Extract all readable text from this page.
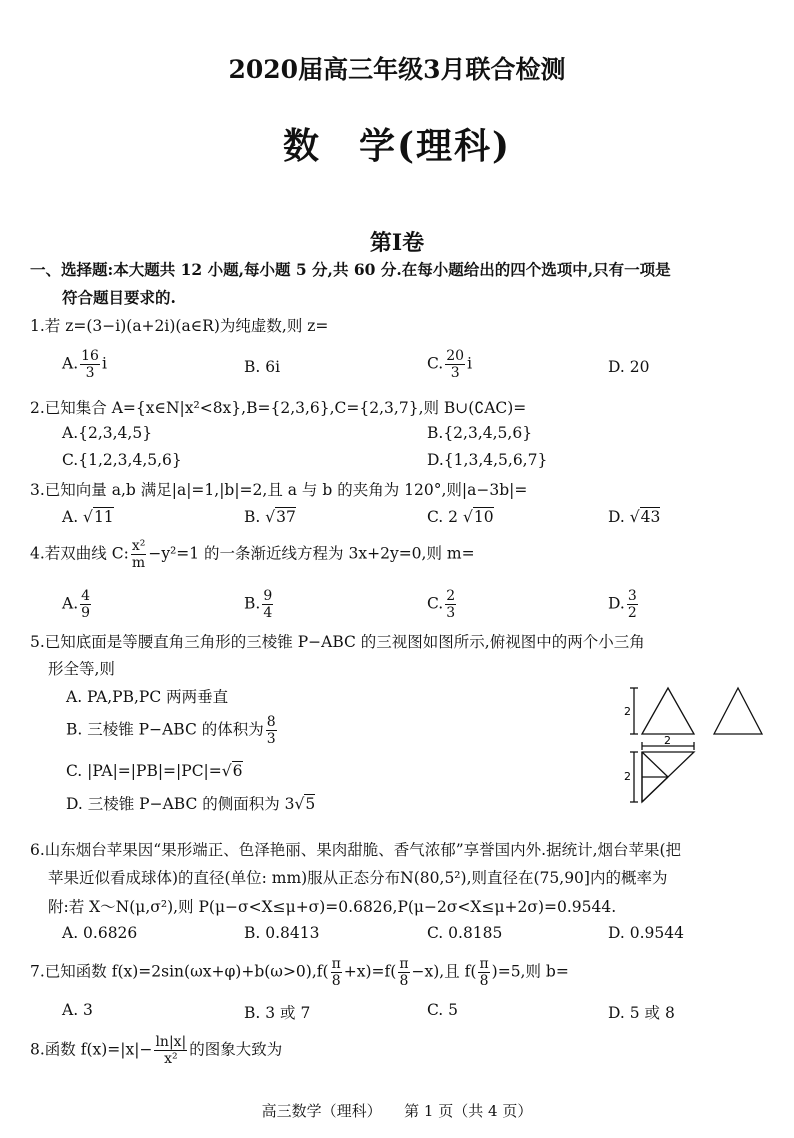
2020届高三年级3月联合检测
数　学(理科)
第Ⅰ卷
一、选择题:本大题共 12 小题,每小题 5 分,共 60 分.在每小题给出的四个选项中,只有一项是
符合题目要求的.
1.若 z=(3−i)(a+2i)(a∈R)为纯虚数,则 z=
A. $\frac{16}{3}$ i	B. 6i	C. $\frac{20}{3}$ i	D. 20
2.已知集合 A={x∈N|x²<8x},B={2,3,6},C={2,3,7},则 B∪(∁AC)=
A.{2,3,4,5}	B.{2,3,4,5,6}
C.{1,2,3,4,5,6}	D.{1,3,4,5,6,7}
3.已知向量 a,b 满足|a|=1,|b|=2,且 a 与 b 的夹角为 120°,则|a−3b|=
A. √11	B. √37	C. 2 √10	D. √43
4.若双曲线 C: $\frac{\text{x²}}{m} -y^2=1$ 的一条渐近线方程为 3x+2y=0,则 m=
A. $\frac{4}{9}$	B. $\frac{9}{4}$	C. $\frac{2}{3}$	D. $\frac{3}{2}$
5.已知底面是等腰直角三角形的三棱锥 P−ABC 的三视图如图所示,俯视图中的两个小三角
形全等,则
A. PA,PB,PC 两两垂直
B. 三棱锥 P−ABC 的体积为 $\frac{8}{3}$
C. |PA|=|PB|=|PC|=√6
D. 三棱锥 P−ABC 的侧面积为 3√5
2
2
2
6.山东烟台苹果因“果形端正、色泽艳丽、果肉甜脆、香气浓郁”享誉国内外.据统计,烟台苹果(把
苹果近似看成球体)的直径(单位: mm)服从正态分布N(80,5²),则直径在(75,90]内的概率为
附:若 X～N(μ,σ²),则 P(μ−σ<X≤μ+σ)=0.6826,P(μ−2σ<X≤μ+2σ)=0.9544.
A. 0.6826	B. 0.8413	C. 0.8185	D. 0.9544
7.已知函数 $f(x)=2\sin(\omega x+\varphi)+b(\omega>0),f( \frac{\pi}{8} +x)=f( \frac{\pi}{8} -x)$,且 $f( \frac{\pi}{8} )=5$,则 b=
A. 3	B. 3 或 7	C. 5	D. 5 或 8
8.函数 $f(x)=|x|- \frac{\ln|x|}{\text{x²}}$ 的图象大致为
高三数学（理科）　　第 1 页（共 4 页）
